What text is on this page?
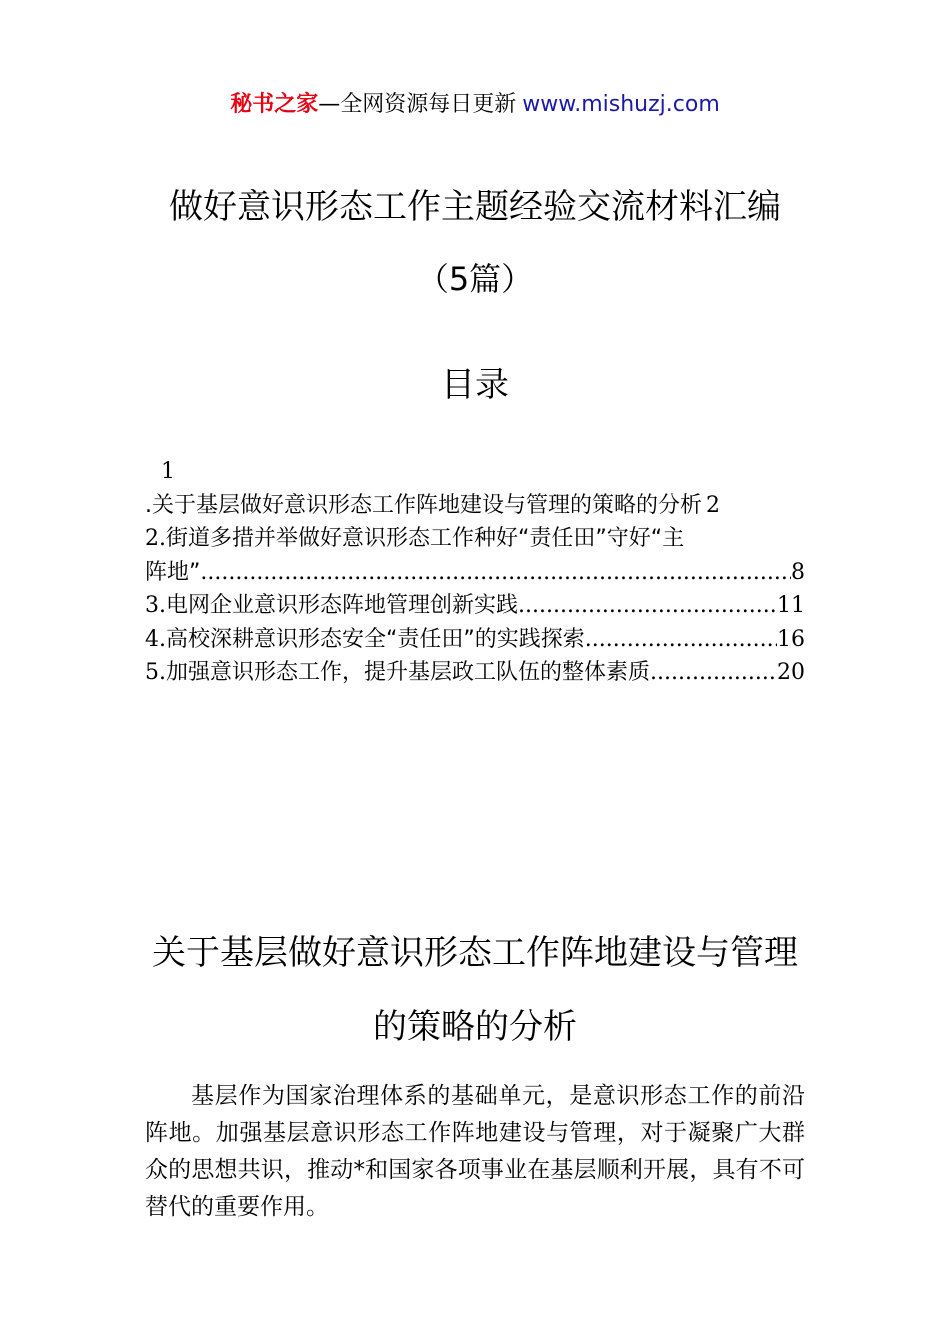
秘书之家—全网资源每日更新 www.mishuzj.com
做好意识形态工作主题经验交流材料汇编
（5篇）
目录
1
.关于基层做好意识形态工作阵地建设与管理的策略的分析 2
2.街道多措并举做好意识形态工作种好“责任田”守好“主
阵地” .....	8
3.电网企业意识形态阵地管理创新实践 .....	11
4.高校深耕意识形态安全“责任田”的实践探索 .....	16
5.加强意识形态工作，提升基层政工队伍的整体素质 .....	20
关于基层做好意识形态工作阵地建设与管理的策略的分析
基层作为国家治理体系的基础单元，是意识形态工作的前沿阵地。加强基层意识形态工作阵地建设与管理，对于凝聚广大群众的思想共识，推动*和国家各项事业在基层顺利开展，具有不可替代的重要作用。
